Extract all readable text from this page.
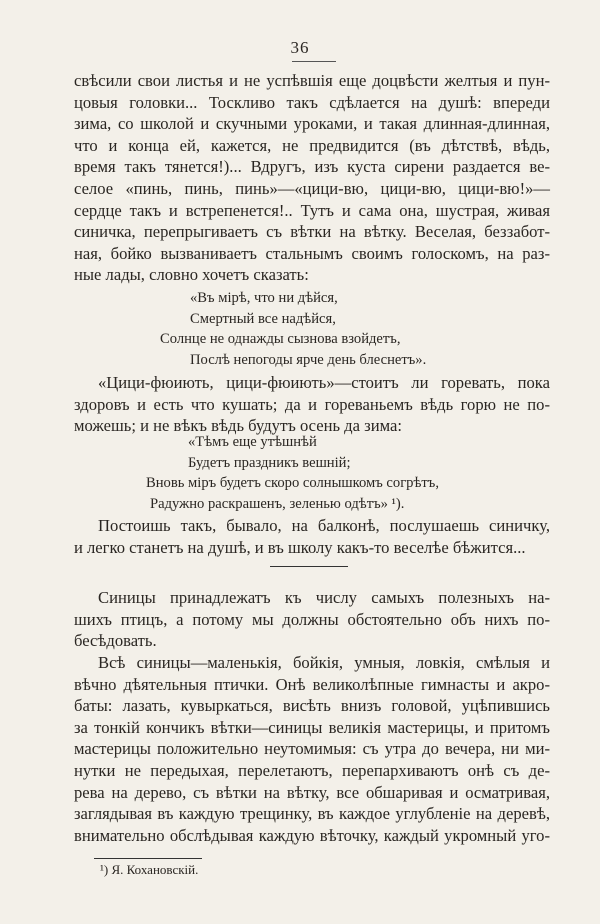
36
свѣсили свои листья и не успѣвшія еще доцвѣсти желтыя и пун-
цовыя головки... Тоскливо такъ сдѣлается на душѣ: впереди
зима, со школой и скучными уроками, и такая длинная-длинная,
что и конца ей, кажется, не предвидится (въ дѣтствѣ, вѣдь,
время такъ тянется!)... Вдругъ, изъ куста сирени раздается ве-
селое «пинь, пинь, пинь»—«цици-вю, цици-вю, цици-вю!»—
сердце такъ и встрепенется!.. Тутъ и сама она, шустрая, живая
синичка, перепрыгиваетъ съ вѣтки на вѣтку. Веселая, беззабот-
ная, бойко вызваниваетъ стальнымъ своимъ голоскомъ, на раз-
ные лады, словно хочетъ сказать:
«Въ мірѣ, что ни дѣйся,
Смертный все надѣйся,
Солнце не однажды сызнова взойдетъ,
Послѣ непогоды ярче день блеснетъ».
«Цици-фюиють, цици-фюиють»—стоитъ ли горевать, пока
здоровъ и есть что кушать; да и гореваньемъ вѣдь горю не по-
можешь; и не вѣкъ вѣдь будутъ осень да зима:
«Тѣмъ еще утѣшнѣй
Будетъ праздникъ вешній;
Вновь міръ будетъ скоро солнышкомъ согрѣтъ,
Радужно раскрашенъ, зеленью одѣтъ» ¹).
Постоишь такъ, бывало, на балконѣ, послушаешь синичку,
и легко станетъ на душѣ, и въ школу какъ-то веселѣе бѣжится...
Синицы принадлежатъ къ числу самыхъ полезныхъ на-
шихъ птицъ, а потому мы должны обстоятельно объ нихъ по-
бесѣдовать.
Всѣ синицы—маленькія, бойкія, умныя, ловкія, смѣлыя и
вѣчно дѣятельныя птички. Онѣ великолѣпные гимнасты и акро-
баты: лазать, кувыркаться, висѣть внизъ головой, уцѣпившись
за тонкій кончикъ вѣтки—синицы великія мастерицы, и притомъ
мастерицы положительно неутомимыя: съ утра до вечера, ни ми-
нутки не передыхая, перелетаютъ, перепархиваютъ онѣ съ де-
рева на дерево, съ вѣтки на вѣтку, все обшаривая и осматривая,
заглядывая въ каждую трещинку, въ каждое углубленіе на деревѣ,
внимательно обслѣдывая каждую вѣточку, каждый укромный уго-
¹) Я. Кохановскій.
